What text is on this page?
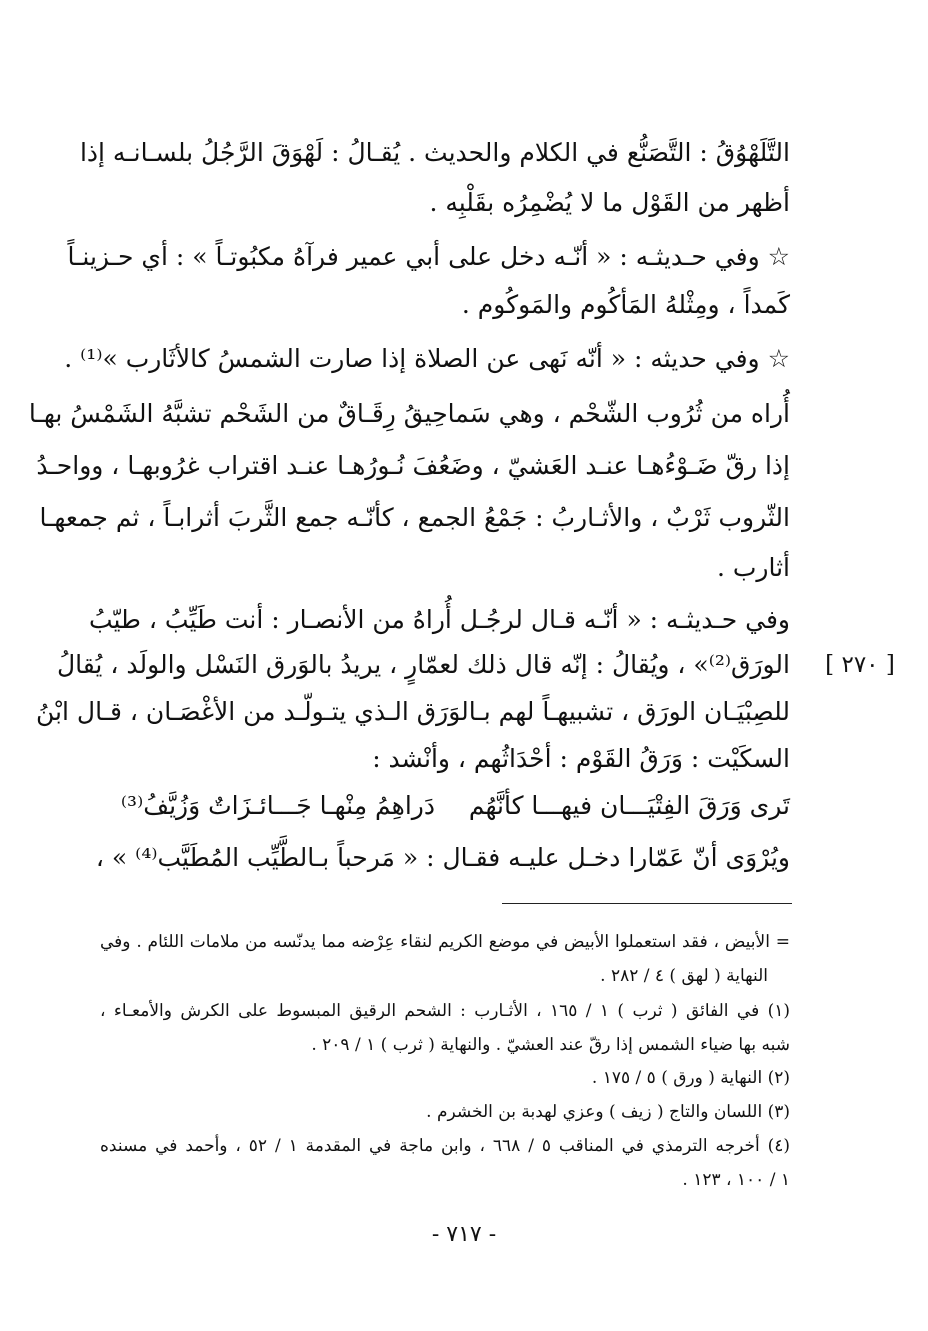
التَّلَهْوُقُ : التَّصَنُّع في الكلام والحديث . يُقـالُ : لَهْوَقَ الرَّجُلُ بلسـانـه إذا
أظهر من القَوْل ما لا يُضْمِرُه بقَلْبِه .
☆ وفي حـديثـه : « أنّـه دخل على أبي عمير فرآهُ مكبُوتـاً » : أي حـزينـاً
كَمداً ، ومِثْلهُ المَأكُوم والمَوكُوم .
☆ وفي حديثه : « أنّه نَهى عن الصلاة إذا صارت الشمسُ كالأثَارب »⁽¹⁾ .
أُراه من ثُرُوب الشّحْم ، وهي سَماحِيقُ رِقَـاقٌ من الشَحْم تشبَّهُ الشَمْسُ بهـا
إذا رقّ ضَـوْءُهـا عنـد العَشيّ ، وضَعُفَ نُـورُهـا عنـد اقتراب غرُوبهـا ، وواحـدُ
الثّروب ثَرْبٌ ، والأثـاربُ : جَمْعُ الجمع ، كأنّـه جمع الثَّربَ أثرابـاً ، ثم جمعهـا
أثارب .
وفي حـديثـه : « أنّـه قـال لرجُـل أُراهُ من الأنصـار : أنت طَيِّبُ ، طيّبُ
الورَق⁽²⁾» ، ويُقالُ : إنّه قال ذلك لعمّارٍ ، يريدُ بالوَرق النَسْل والولَد ، يُقالُ	[ ٢٧٠ ]
للصِبْيَـان الورَق ، تشبيهـاً لهم بـالوَرَق الـذي يتـولّـد من الأغْصَـان ، قـال ابْنُ
السكَيْت : وَرَقُ القَوْم : أحْدَاثُهم ، وأنْشد :
تَرى وَرَقَ الفِتْيَـــان فيهـــا كأنَّهُم
دَراهِمُ مِنْهـا جَـــائـزَاتٌ وَزُيَّفُ⁽³⁾
ويُرْوَى أنّ عَمّارا دخـل عليـه فقـال : « مَرحباً بـالطَّيِّب المُطَيَّب⁽⁴⁾ » ،
= الأبيض ، فقد استعملوا الأبيض في موضع الكريم لنقاء عِرْضه مما يدنّسه من ملامات اللئام . وفي
النهاية ( لهق ) ٤ / ٢٨٢ .
(١) في الفائق ( ثرب ) ١ / ١٦٥ ، الأثـارب : الشحم الرقيق المبسوط على الكرش والأمعـاء ،
شبه بها ضياء الشمس إذا رقّ عند العشيّ . والنهاية ( ثرب ) ١ / ٢٠٩ .
(٢) النهاية ( ورق ) ٥ / ١٧٥ .
(٣) اللسان والتاج ( زيف ) وعزي لهدبة بن الخشرم .
(٤) أخرجه الترمذي في المناقب ٥ / ٦٦٨ ، وابن ماجة في المقدمة ١ / ٥٢ ، وأحمد في مسنده
١ / ١٠٠ ، ١٢٣ .
- ٧١٧ -
